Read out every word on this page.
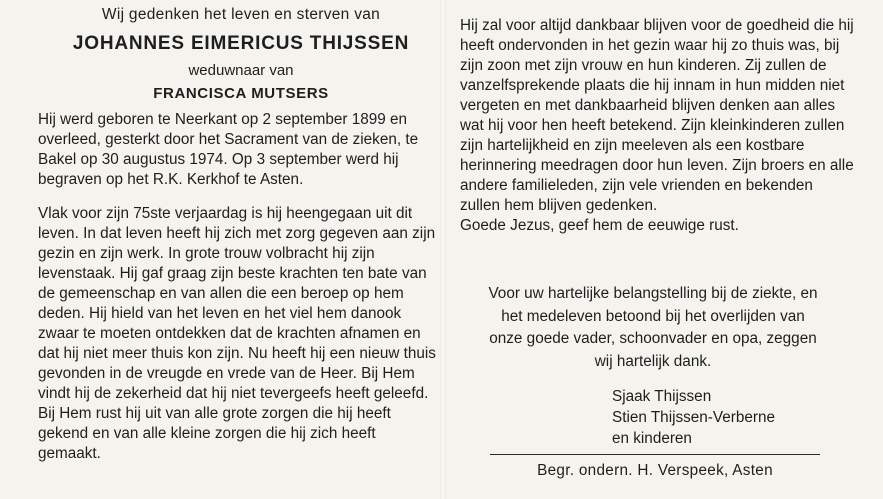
Wij gedenken het leven en sterven van

JOHANNES EIMERICUS THIJSSEN

weduwnaar van

FRANCISCA MUTSERS

Hij werd geboren te Neerkant op 2 september 1899 en overleed, gesterkt door het Sacrament van de zieken, te Bakel op 30 augustus 1974. Op 3 september werd hij begraven op het R.K. Kerkhof te Asten.

Vlak voor zijn 75ste verjaardag is hij heengegaan uit dit leven. In dat leven heeft hij zich met zorg gegeven aan zijn gezin en zijn werk. In grote trouw volbracht hij zijn levenstaak. Hij gaf graag zijn beste krachten ten bate van de gemeenschap en van allen die een beroep op hem deden. Hij hield van het leven en het viel hem danook zwaar te moeten ontdekken dat de krachten afnamen en dat hij niet meer thuis kon zijn. Nu heeft hij een nieuw thuis gevonden in de vreugde en vrede van de Heer. Bij Hem vindt hij de zekerheid dat hij niet tevergeefs heeft geleefd. Bij Hem rust hij uit van alle grote zorgen die hij heeft gekend en van alle kleine zorgen die hij zich heeft gemaakt.

Hij zal voor altijd dankbaar blijven voor de goedheid die hij heeft ondervonden in het gezin waar hij zo thuis was, bij zijn zoon met zijn vrouw en hun kinderen. Zij zullen de vanzelfsprekende plaats die hij innam in hun midden niet vergeten en met dankbaarheid blijven denken aan alles wat hij voor hen heeft betekend. Zijn kleinkinderen zullen zijn hartelijkheid en zijn meeleven als een kostbare herinnering meedragen door hun leven. Zijn broers en alle andere familieleden, zijn vele vrienden en bekenden zullen hem blijven gedenken.

Goede Jezus, geef hem de eeuwige rust.

Voor uw hartelijke belangstelling bij de ziekte, en het medeleven betoond bij het overlijden van onze goede vader, schoonvader en opa, zeggen wij hartelijk dank.

Sjaak Thijssen
Stien Thijssen-Verberne
en kinderen
Begr. ondern. H. Verspeek, Asten
